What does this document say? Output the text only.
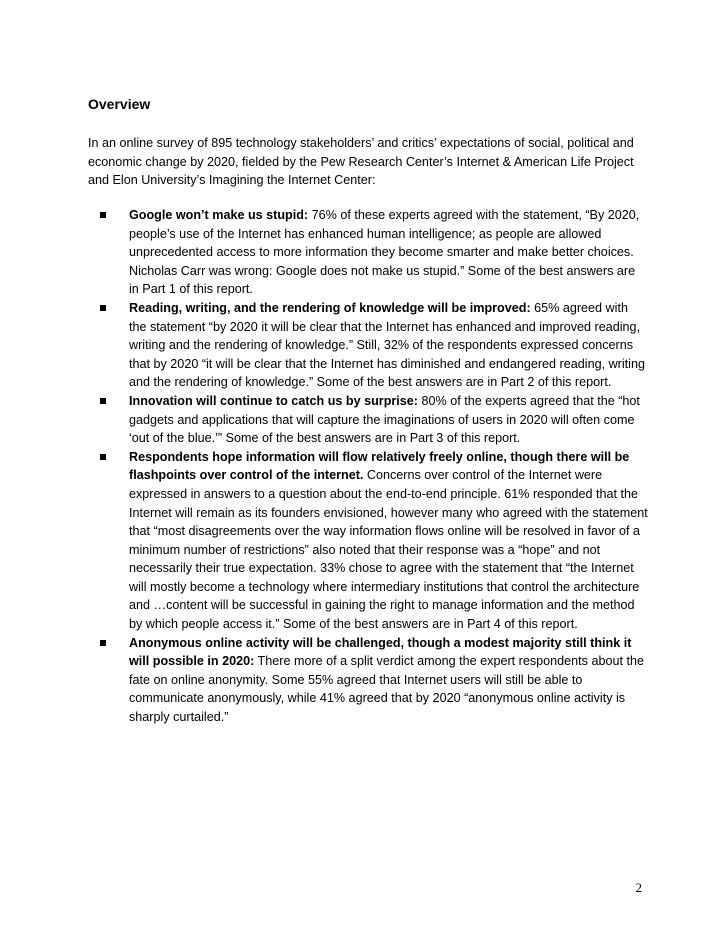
Overview

In an online survey of 895 technology stakeholders’ and critics’ expectations of social, political and economic change by 2020, fielded by the Pew Research Center’s Internet & American Life Project and Elon University’s Imagining the Internet Center:

Google won’t make us stupid: 76% of these experts agreed with the statement, “By 2020, people’s use of the Internet has enhanced human intelligence; as people are allowed unprecedented access to more information they become smarter and make better choices. Nicholas Carr was wrong: Google does not make us stupid.” Some of the best answers are in Part 1 of this report.
Reading, writing, and the rendering of knowledge will be improved: 65% agreed with the statement “by 2020 it will be clear that the Internet has enhanced and improved reading, writing and the rendering of knowledge.” Still, 32% of the respondents expressed concerns that by 2020 “it will be clear that the Internet has diminished and endangered reading, writing and the rendering of knowledge.” Some of the best answers are in Part 2 of this report.
Innovation will continue to catch us by surprise: 80% of the experts agreed that the “hot gadgets and applications that will capture the imaginations of users in 2020 will often come ‘out of the blue.’” Some of the best answers are in Part 3 of this report.
Respondents hope information will flow relatively freely online, though there will be flashpoints over control of the internet. Concerns over control of the Internet were expressed in answers to a question about the end-to-end principle. 61% responded that the Internet will remain as its founders envisioned, however many who agreed with the statement that “most disagreements over the way information flows online will be resolved in favor of a minimum number of restrictions” also noted that their response was a “hope” and not necessarily their true expectation. 33% chose to agree with the statement that “the Internet will mostly become a technology where intermediary institutions that control the architecture and …content will be successful in gaining the right to manage information and the method by which people access it.” Some of the best answers are in Part 4 of this report.
Anonymous online activity will be challenged, though a modest majority still think it will possible in 2020: There more of a split verdict among the expert respondents about the fate on online anonymity. Some 55% agreed that Internet users will still be able to communicate anonymously, while 41% agreed that by 2020 “anonymous online activity is sharply curtailed.”
2
